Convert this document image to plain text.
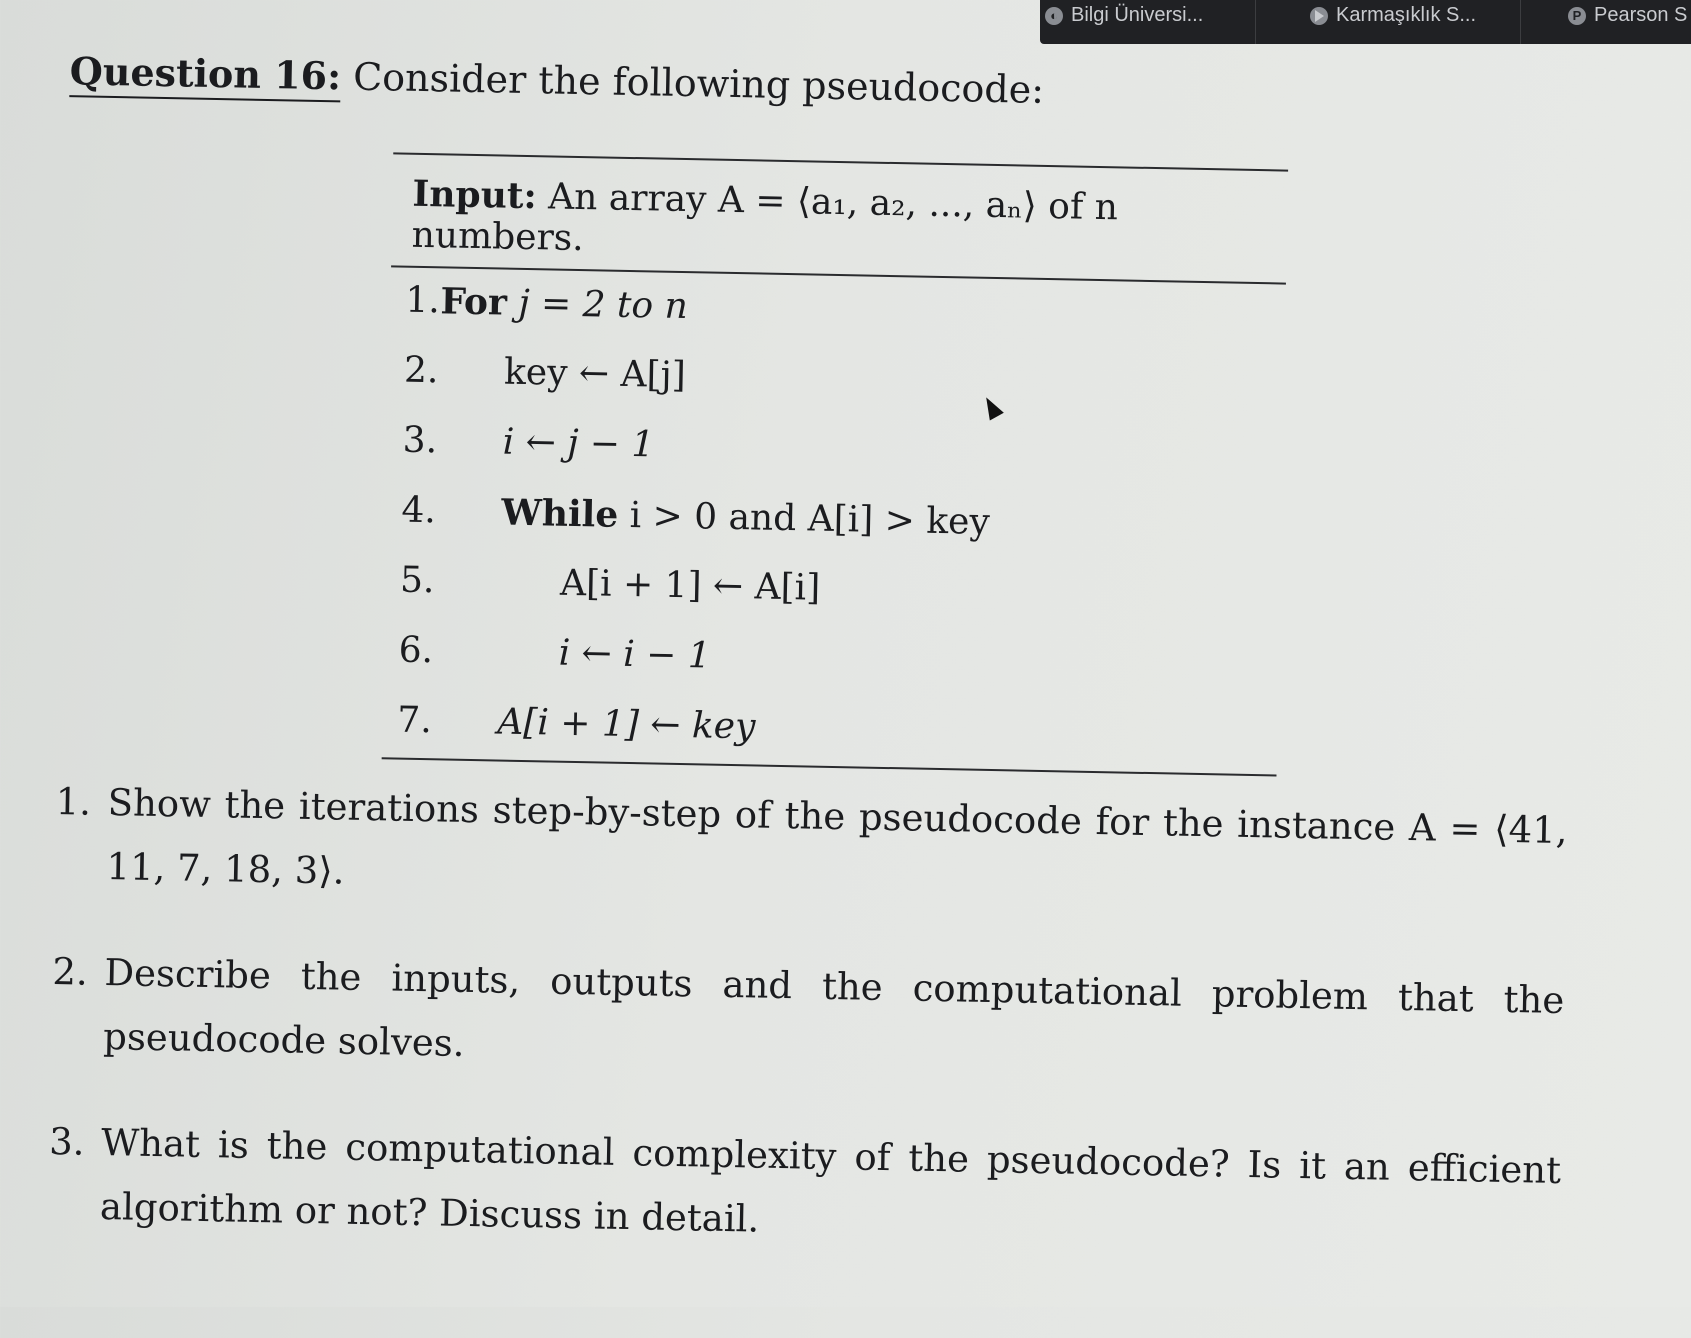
◐ Bilgi Üniversi...	Karmaşıklık S...	P Pearson S
Question 16: Consider the following pseudocode:
Input: An array A = ⟨a₁, a₂, ..., aₙ⟩ of n numbers.
1. For j = 2 to n
2. key ← A[j]
3. i ← j − 1
4. While i > 0 and A[i] > key
5.	A[i + 1] ← A[i]
6.	i ← i − 1
7. A[i + 1] ← key
1. Show the iterations step-by-step of the pseudocode for the instance A = ⟨41, 11, 7, 18, 3⟩.
2. Describe the inputs, outputs and the computational problem that the pseudocode solves.
3. What is the computational complexity of the pseudocode? Is it an efficient algorithm or not? Discuss in detail.
